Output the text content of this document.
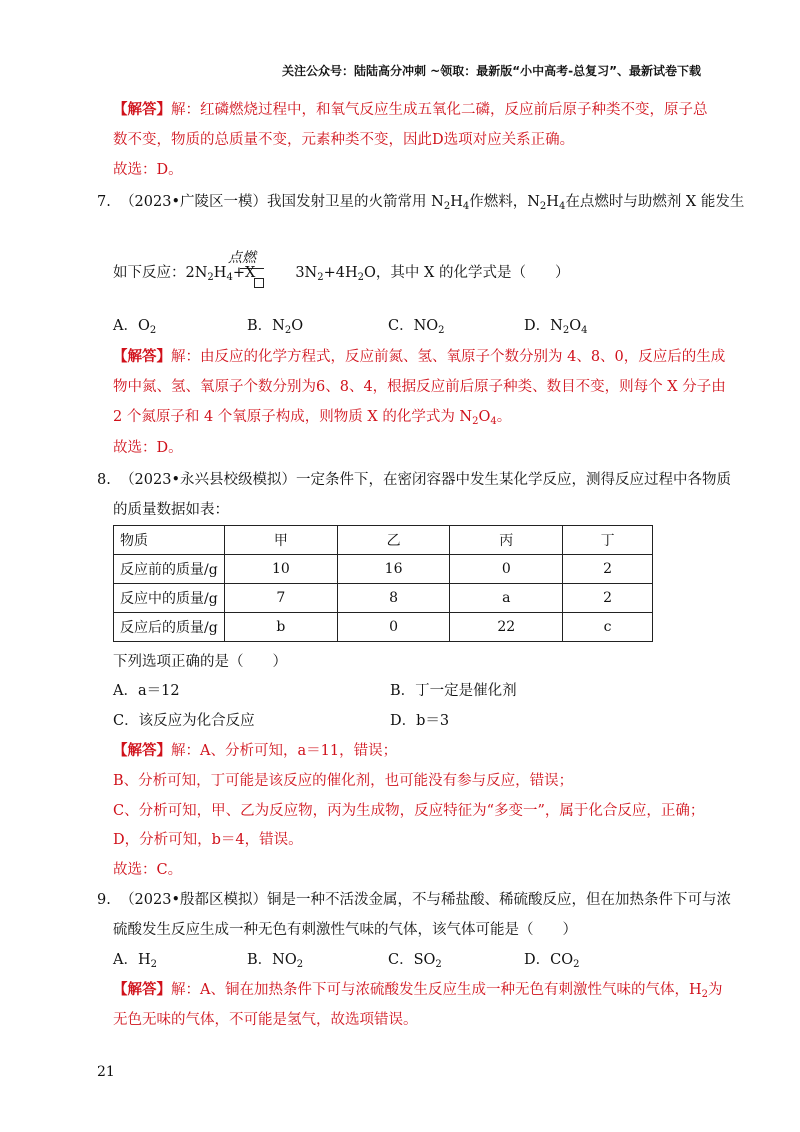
关注公众号：陆陆高分冲刺 ~领取：最新版“小中高考-总复习”、最新试卷下载
【解答】解：红磷燃烧过程中，和氧气反应生成五氧化二磷，反应前后原子种类不变，原子总
数不变，物质的总质量不变，元素种类不变，因此D选项对应关系正确。
故选：D。
7. （2023•广陵区一模）我国发射卫星的火箭常用 $N_2H_4$作燃料，$N_2H_4$在点燃时与助燃剂 X 能发生
点燃
如下反应：$2N_2H_4+X$	$3N_2+4H_2O$，其中 X 的化学式是（　　）
A．$O_2$	B．$N_2O$	C．$NO_2$	D．$N_2O_4$
【解答】解：由反应的化学方程式，反应前氮、氢、氧原子个数分别为 4、8、0，反应后的生成
物中氮、氢、氧原子个数分别为6、8、4，根据反应前后原子种类、数目不变，则每个 X 分子由
2 个氮原子和 4 个氧原子构成，则物质 X 的化学式为 $N_2O_4$。
故选：D。
8. （2023•永兴县校级模拟）一定条件下，在密闭容器中发生某化学反应，测得反应过程中各物质
的质量数据如表：
物质	甲	乙	丙	丁
反应前的质量/g	10	16	0	2
反应中的质量/g	7	8	a	2
反应后的质量/g	b	0	22	c
下列选项正确的是（　　）
A．a＝12	B．丁一定是催化剂
C．该反应为化合反应	D．b＝3
【解答】解：A、分析可知，a＝11，错误；
B、分析可知，丁可能是该反应的催化剂，也可能没有参与反应，错误；
C、分析可知，甲、乙为反应物，丙为生成物，反应特征为“多变一”，属于化合反应，正确；
D，分析可知，b＝4，错误。
故选：C。
9. （2023•殷都区模拟）铜是一种不活泼金属，不与稀盐酸、稀硫酸反应，但在加热条件下可与浓
硫酸发生反应生成一种无色有刺激性气味的气体，该气体可能是（　　）
A．$H_2$	B．$NO_2$	C．$SO_2$	D．$CO_2$
【解答】解：A、铜在加热条件下可与浓硫酸发生反应生成一种无色有刺激性气味的气体，$H_2$为
无色无味的气体，不可能是氢气，故选项错误。
21
